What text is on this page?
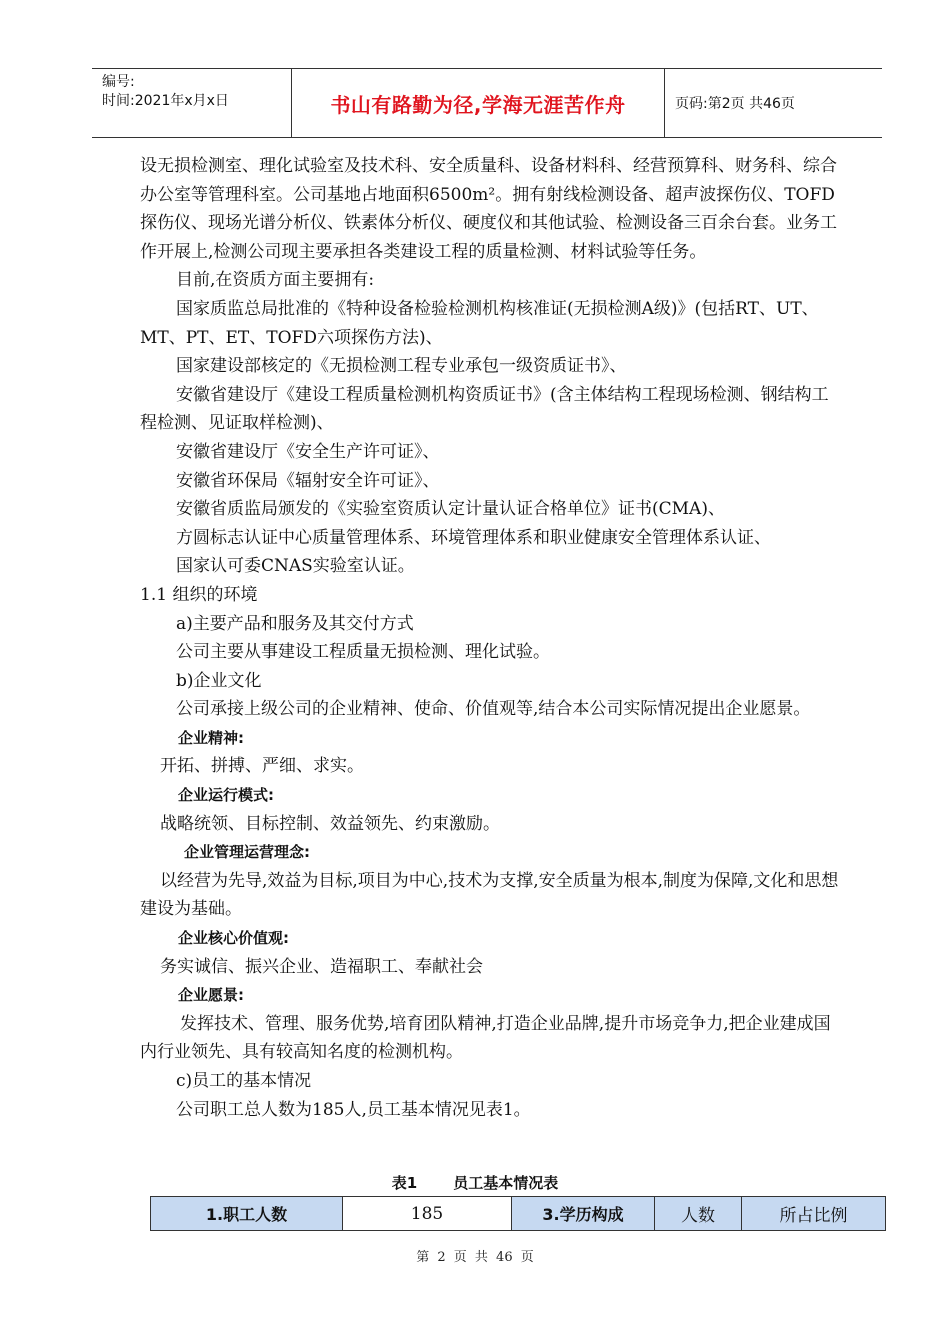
编号:
时间:2021年x月x日	书山有路勤为径,学海无涯苦作舟	页码:第2页 共46页

设无损检测室、理化试验室及技术科、安全质量科、设备材料科、经营预算科、财务科、综合办公室等管理科室。公司基地占地面积6500m²。拥有射线检测设备、超声波探伤仪、TOFD探伤仪、现场光谱分析仪、铁素体分析仪、硬度仪和其他试验、检测设备三百余台套。业务工作开展上,检测公司现主要承担各类建设工程的质量检测、材料试验等任务。

目前,在资质方面主要拥有:

国家质监总局批准的《特种设备检验检测机构核准证(无损检测A级)》(包括RT、UT、MT、PT、ET、TOFD六项探伤方法)、

国家建设部核定的《无损检测工程专业承包一级资质证书》、

安徽省建设厅《建设工程质量检测机构资质证书》(含主体结构工程现场检测、钢结构工程检测、见证取样检测)、

安徽省建设厅《安全生产许可证》、

安徽省环保局《辐射安全许可证》、

安徽省质监局颁发的《实验室资质认定计量认证合格单位》证书(CMA)、

方圆标志认证中心质量管理体系、环境管理体系和职业健康安全管理体系认证、

国家认可委CNAS实验室认证。

1.1 组织的环境

a)主要产品和服务及其交付方式

公司主要从事建设工程质量无损检测、理化试验。

b)企业文化

公司承接上级公司的企业精神、使命、价值观等,结合本公司实际情况提出企业愿景。

企业精神:

开拓、拼搏、严细、求实。

企业运行模式:

战略统领、目标控制、效益领先、约束激励。

企业管理运营理念:

以经营为先导,效益为目标,项目为中心,技术为支撑,安全质量为根本,制度为保障,文化和思想建设为基础。

企业核心价值观:

务实诚信、振兴企业、造福职工、奉献社会

企业愿景:

发挥技术、管理、服务优势,培育团队精神,打造企业品牌,提升市场竞争力,把企业建成国内行业领先、具有较高知名度的检测机构。

c)员工的基本情况

公司职工总人数为185人,员工基本情况见表1。

表1 员工基本情况表
1.职工人数	185	3.学历构成	人数	所占比例
第 2 页 共 46 页
